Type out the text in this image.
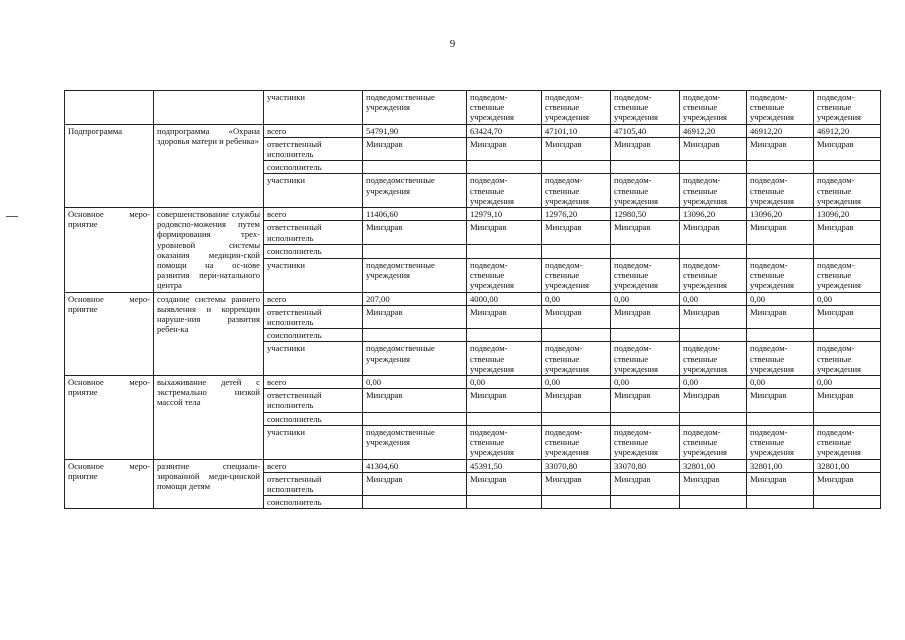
9
		участники	подведомственные учреждения	подведом-ственные учреждения	подведом-ственные учреждения	подведом-ственные учреждения	подведом-ственные учреждения	подведом-ственные учреждения	подведом-ственные учреждения
Подпрограмма	подпрограмма «Охрана здоровья матери и ребенка»	всего	54791,90	63424,70	47101,10	47105,40	46912,20	46912,20	46912,20
		ответственный исполнитель	Минздрав	Минздрав	Минздрав	Минздрав	Минздрав	Минздрав	Минздрав
		соисполнитель							
		участники	подведомственные учреждения	подведом-ственные учреждения	подведом-ственные учреждения	подведом-ственные учреждения	подведом-ственные учреждения	подведом-ственные учреждения	подведом-ственные учреждения
Основное меро-приятие	совершенствование службы родовспо-можения путем формирования трех-уровневой системы оказания медицин-ской помощи на ос-нове развития пери-натального центра	всего	11406,60	12979,10	12976,20	12980,50	13096,20	13096,20	13096,20
		ответственный исполнитель	Минздрав	Минздрав	Минздрав	Минздрав	Минздрав	Минздрав	Минздрав
		соисполнитель							
		участники	подведомственные учреждения	подведом-ственные учреждения	подведом-ственные учреждения	подведом-ственные учреждения	подведом-ственные учреждения	подведом-ственные учреждения	подведом-ственные учреждения
Основное меро-приятие	создание системы раннего выявления и коррекции наруше-ния развития ребен-ка	всего	207,00	4000,00	0,00	0,00	0,00	0,00	0,00
		ответственный исполнитель	Минздрав	Минздрав	Минздрав	Минздрав	Минздрав	Минздрав	Минздрав
		соисполнитель							
		участники	подведомственные учреждения	подведом-ственные учреждения	подведом-ственные учреждения	подведом-ственные учреждения	подведом-ственные учреждения	подведом-ственные учреждения	подведом-ственные учреждения
Основное меро-приятие	выхаживание детей с экстремально низкой массой тела	всего	0,00	0,00	0,00	0,00	0,00	0,00	0,00
		ответственный исполнитель	Минздрав	Минздрав	Минздрав	Минздрав	Минздрав	Минздрав	Минздрав
		соисполнитель							
		участники	подведомственные учреждения	подведом-ственные учреждения	подведом-ственные учреждения	подведом-ственные учреждения	подведом-ственные учреждения	подведом-ственные учреждения	подведом-ственные учреждения
Основное меро-приятие	развитие специали-зированной меди-цинской помощи детям	всего	41304,60	45391,50	33070,80	33070,80	32801,00	32801,00	32801,00
		ответственный исполнитель	Минздрав	Минздрав	Минздрав	Минздрав	Минздрав	Минздрав	Минздрав
		соисполнитель							
